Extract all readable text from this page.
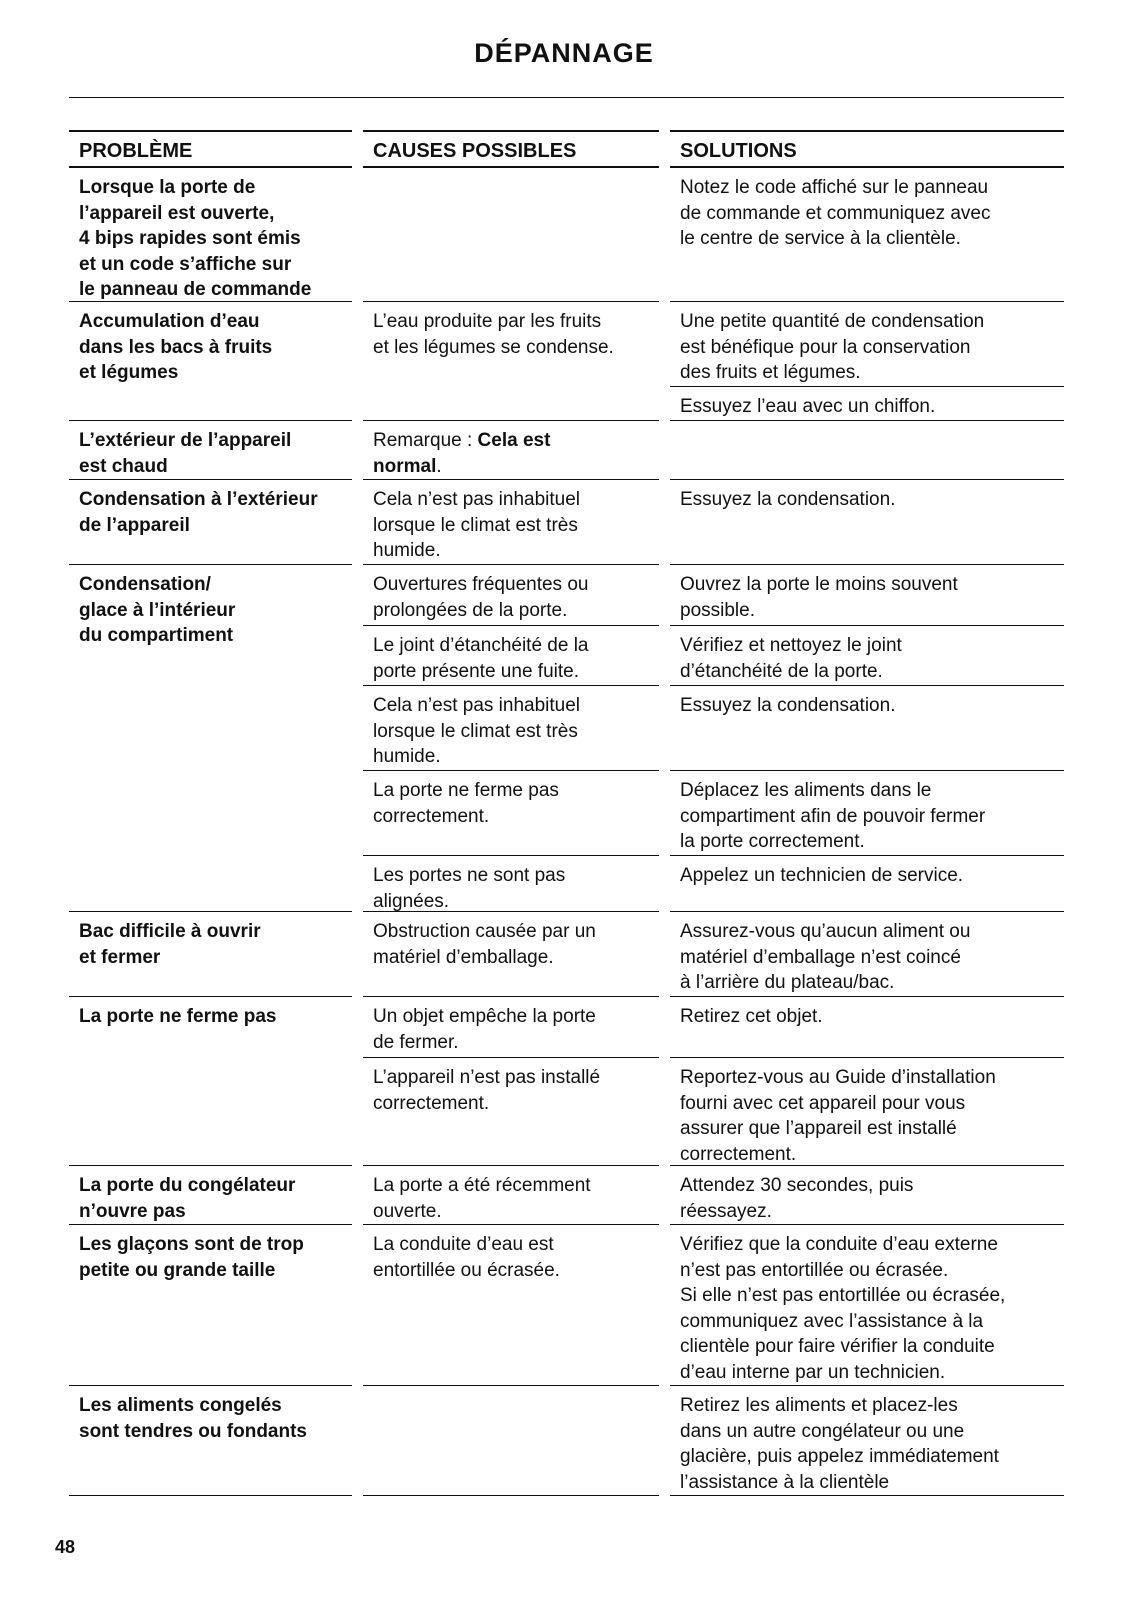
DÉPANNAGE
PROBLÈME	CAUSES POSSIBLES	SOLUTIONS
Lorsque la porte de
l’appareil est ouverte,
4 bips rapides sont émis
et un code s’affiche sur
le panneau de commande
Accumulation d’eau
dans les bacs à fruits
et légumes
L’extérieur de l’appareil
est chaud
Condensation à l’extérieur
de l’appareil
Condensation/
glace à l’intérieur
du compartiment
Bac difficile à ouvrir
et fermer
La porte ne ferme pas
La porte du congélateur
n’ouvre pas
Les glaçons sont de trop
petite ou grande taille
Les aliments congelés
sont tendres ou fondants
L’eau produite par les fruits
et les légumes se condense.
Remarque : Cela est
normal.
Cela n’est pas inhabituel
lorsque le climat est très
humide.
Ouvertures fréquentes ou
prolongées de la porte.
Le joint d’étanchéité de la
porte présente une fuite.
Cela n’est pas inhabituel
lorsque le climat est très
humide.
La porte ne ferme pas
correctement.
Les portes ne sont pas
alignées.
Obstruction causée par un
matériel d’emballage.
Un objet empêche la porte
de fermer.
L’appareil n’est pas installé
correctement.
La porte a été récemment
ouverte.
La conduite d’eau est
entortillée ou écrasée.
Notez le code affiché sur le panneau
de commande et communiquez avec
le centre de service à la clientèle.
Une petite quantité de condensation
est bénéfique pour la conservation
des fruits et légumes.
Essuyez l’eau avec un chiffon.
Essuyez la condensation.
Ouvrez la porte le moins souvent
possible.
Vérifiez et nettoyez le joint
d’étanchéité de la porte.
Essuyez la condensation.
Déplacez les aliments dans le
compartiment afin de pouvoir fermer
la porte correctement.
Appelez un technicien de service.
Assurez-vous qu’aucun aliment ou
matériel d’emballage n’est coincé
à l’arrière du plateau/bac.
Retirez cet objet.
Reportez-vous au Guide d’installation
fourni avec cet appareil pour vous
assurer que l’appareil est installé
correctement.
Attendez 30 secondes, puis
réessayez.
Vérifiez que la conduite d’eau externe
n’est pas entortillée ou écrasée.
Si elle n’est pas entortillée ou écrasée,
communiquez avec l’assistance à la
clientèle pour faire vérifier la conduite
d’eau interne par un technicien.
Retirez les aliments et placez-les
dans un autre congélateur ou une
glacière, puis appelez immédiatement
l’assistance à la clientèle
48
